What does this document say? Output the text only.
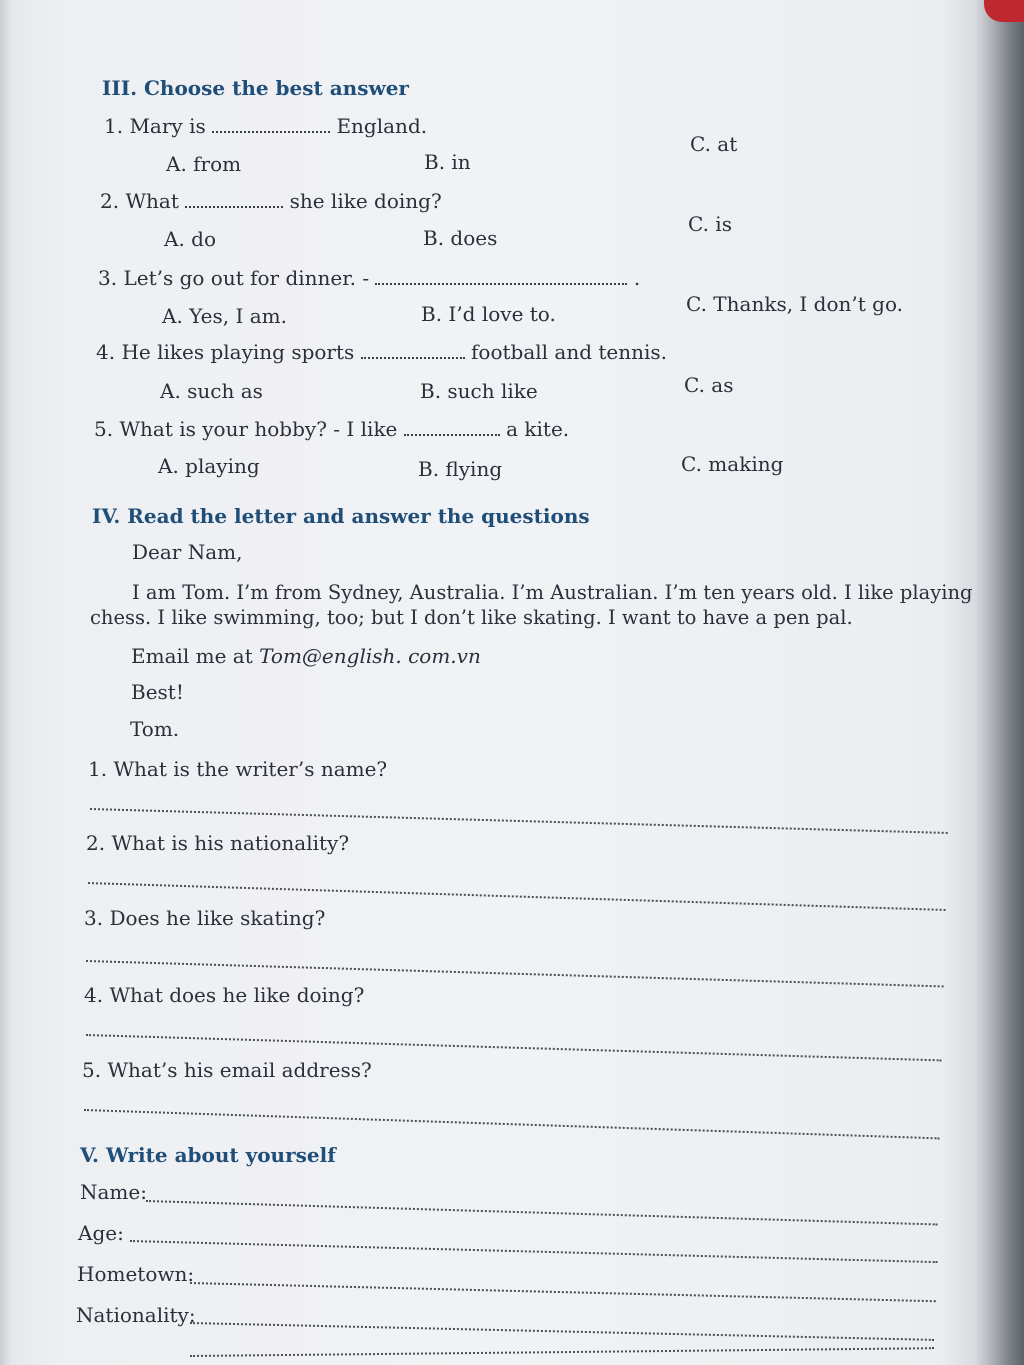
III. Choose the best answer
1. Mary is	England.
A. from	B. in
C. at
2. What	she like doing?
A. do	B. does
C. is
3. Let’s go out for dinner. -	.
A. Yes, I am.	B. I’d love to.	C. Thanks, I don’t go.
4. He likes playing sports	football and tennis.
A. such as	B. such like	C. as
5. What is your hobby? - I like	a kite.
A. playing	B. flying	C. making
IV. Read the letter and answer the questions
Dear Nam,
I am Tom. I’m from Sydney, Australia. I’m Australian. I’m ten years old. I like playing
chess. I like swimming, too; but I don’t like skating. I want to have a pen pal.
Email me at Tom@english. com.vn
Best!
Tom.
1. What is the writer’s name?
2. What is his nationality?
3. Does he like skating?
4. What does he like doing?
5. What’s his email address?
V. Write about yourself
Name:
Age:
Hometown:
Nationality:
